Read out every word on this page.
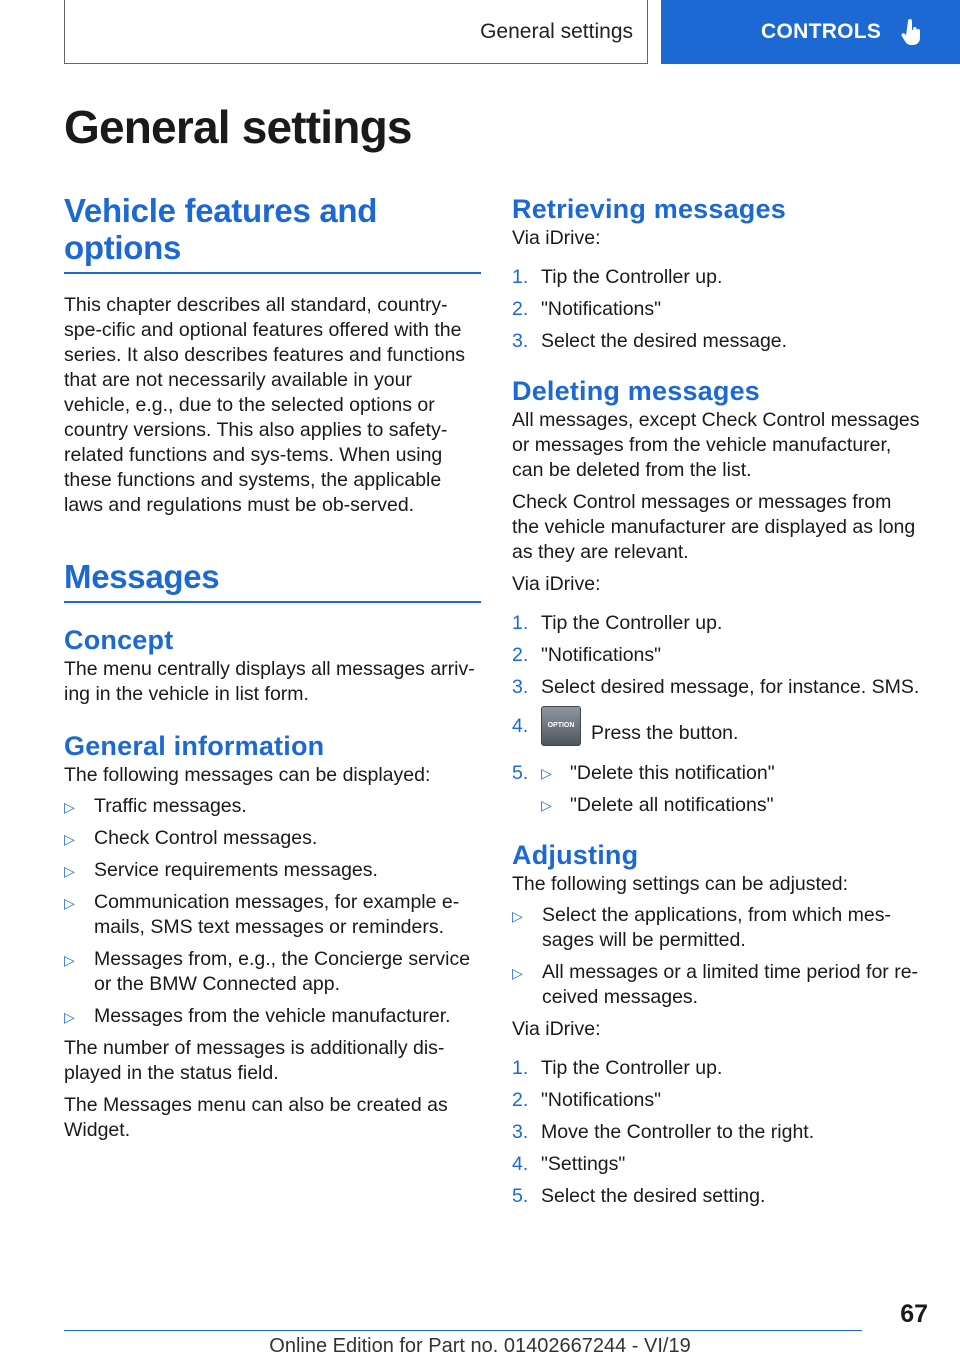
General settings	CONTROLS
General settings
Vehicle features and
options

This chapter describes all standard, country-spe-cific and optional features offered with the series. It also describes features and functions that are not necessarily available in your vehicle, e.g., due to the selected options or country versions. This also applies to safety-related functions and sys-tems. When using these functions and systems, the applicable laws and regulations must be ob-served.

Messages
Concept

The menu centrally displays all messages arriv-ing in the vehicle in list form.

General information

The following messages can be displayed:

▷ Traffic messages.
▷ Check Control messages.
▷ Service requirements messages.
▷ Communication messages, for example e-mails, SMS text messages or reminders.
▷ Messages from, e.g., the Concierge service or the BMW Connected app.
▷ Messages from the vehicle manufacturer.

The number of messages is additionally dis-played in the status field.

The Messages menu can also be created as Widget.

Retrieving messages

Via iDrive:

1. Tip the Controller up.
2. "Notifications"
3. Select the desired message.
Deleting messages

All messages, except Check Control messages or messages from the vehicle manufacturer, can be deleted from the list.

Check Control messages or messages from the vehicle manufacturer are displayed as long as they are relevant.

Via iDrive:

1. Tip the Controller up.
2. "Notifications"
3. Select desired message, for instance. SMS.
4.	OPTION Press the button.
5. ▷ "Delete this notification"
▷ "Delete all notifications"
Adjusting

The following settings can be adjusted:

▷ Select the applications, from which mes-sages will be permitted.
▷ All messages or a limited time period for re-ceived messages.

Via iDrive:

1. Tip the Controller up.
2. "Notifications"
3. Move the Controller to the right.
4. "Settings"
5. Select the desired setting.
67
Online Edition for Part no. 01402667244 - VI/19
